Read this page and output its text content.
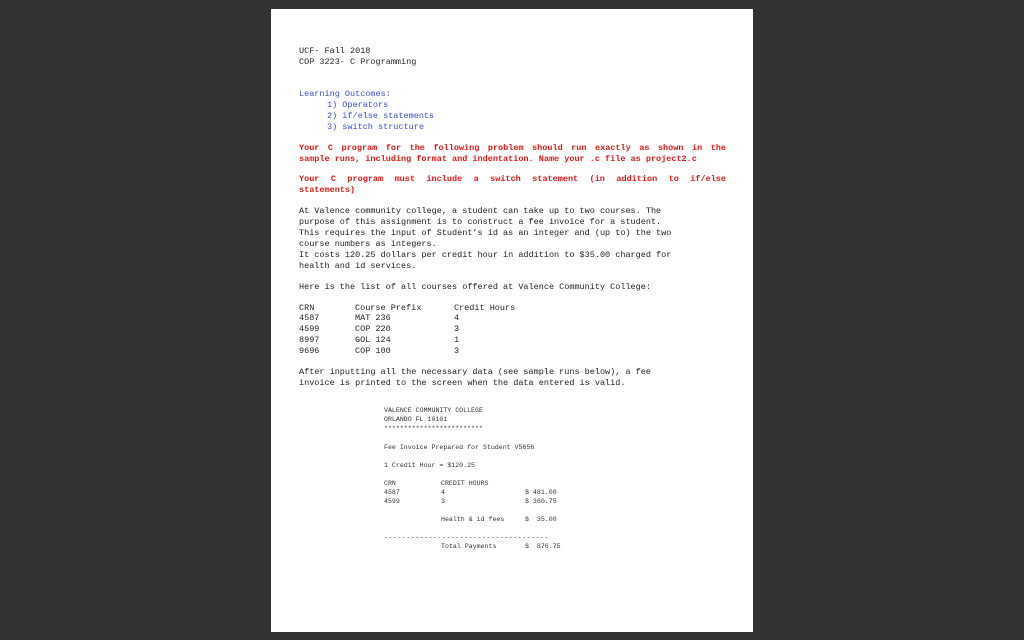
UCF- Fall 2018
COP 3223- C Programming
Learning Outcomes:
1) Operators
2) if/else statements
3) switch structure
Your C program for the following problem should run exactly as shown in the
sample runs, including format and indentation. Name your .c file as project2.c
Your C program must include a switch statement (in addition to if/else
statements)
At Valence community college, a student can take up to two courses. The
purpose of this assignment is to construct a fee invoice for a student.
This requires the input of Student’s id as an integer and (up to) the two
course numbers as integers.
It costs 120.25 dollars per credit hour in addition to $35.00 charged for
health and id services.
Here is the list of all courses offered at Valence Community College:
CRN	Course Prefix	Credit Hours
4587	MAT 236	4
4599	COP 220	3
8997	GOL 124	1
9696	COP 100	3
After inputting all the necessary data (see sample runs below), a fee
invoice is printed to the screen when the data entered is valid.
VALENCE COMMUNITY COLLEGE
ORLANDO FL 10101
*************************
Fee Invoice Prepared for Student V5656
1 Credit Hour = $120.25
CRN	CREDIT HOURS
4587	4	$ 481.00
4599	3	$ 360.75
Health & id fees	$  35.00
-------------------------------------
Total Payments	$  876.75
